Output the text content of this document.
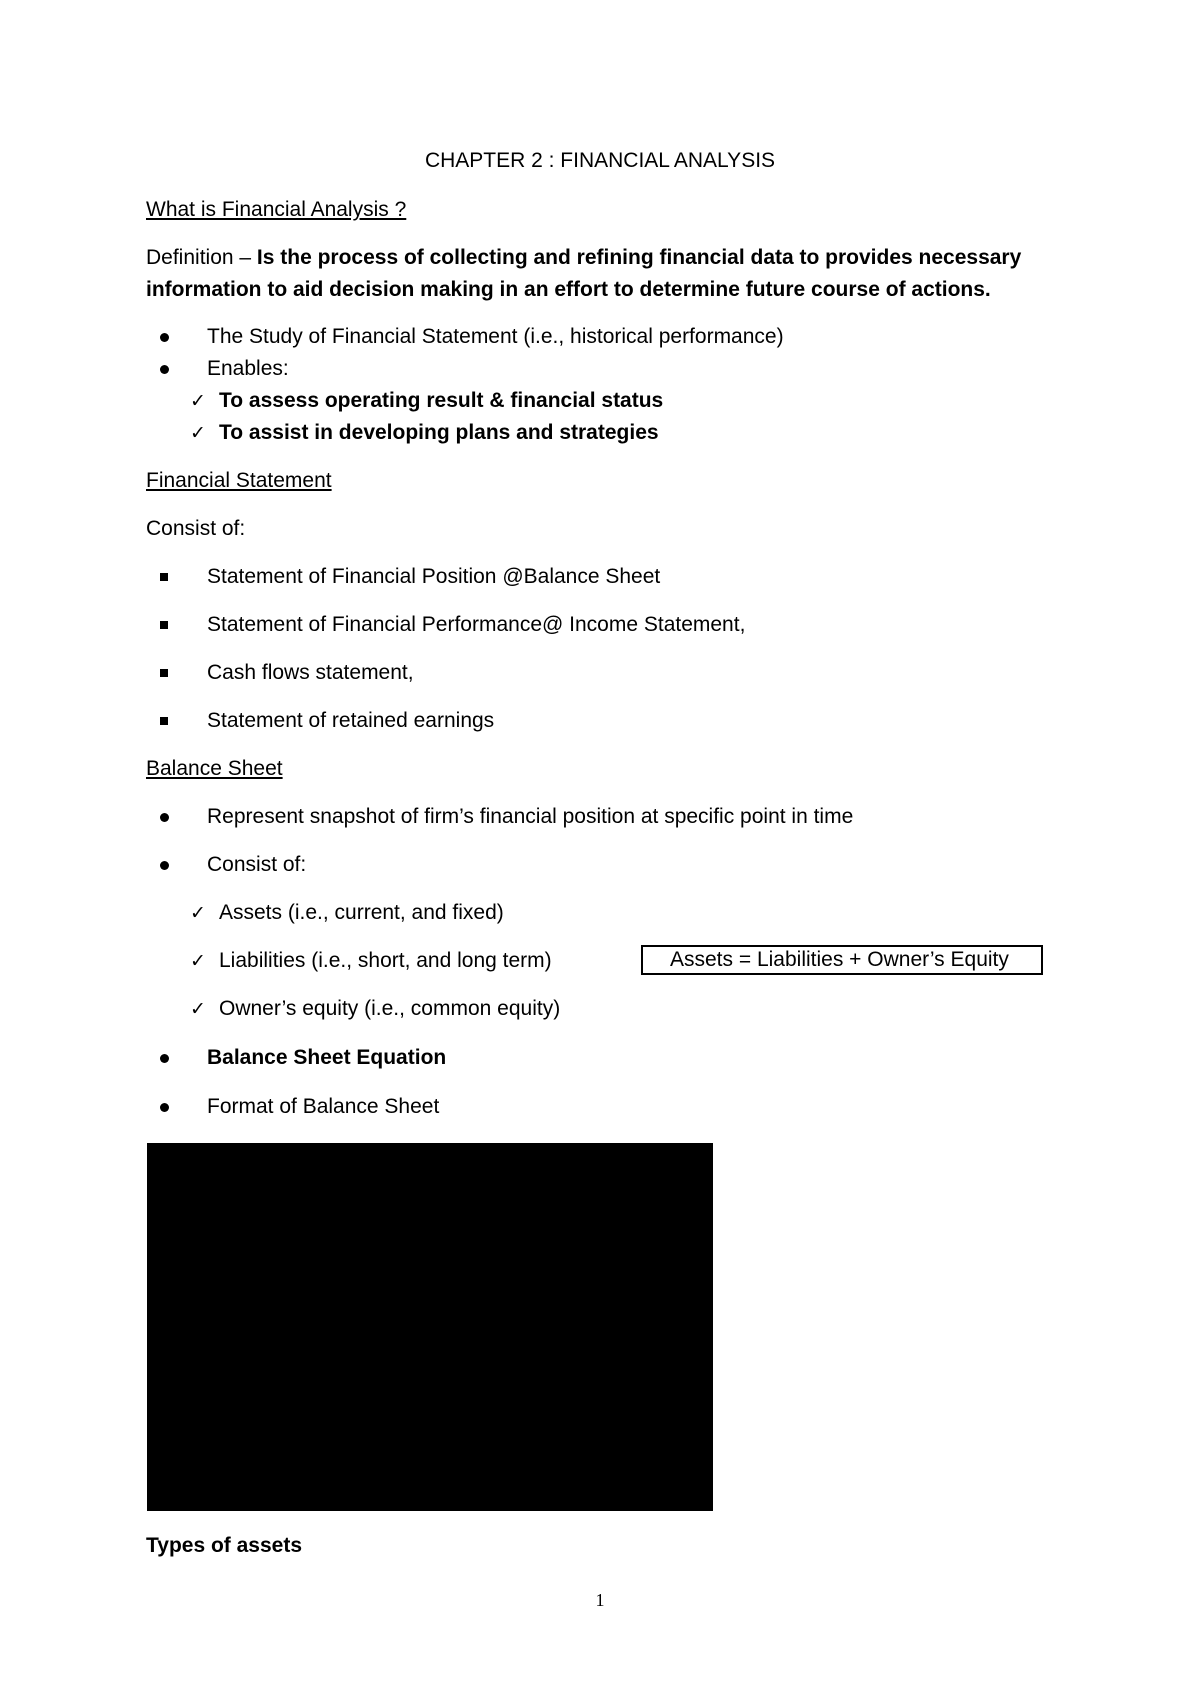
CHAPTER 2 : FINANCIAL ANALYSIS
What is Financial Analysis ?
Definition – Is the process of collecting and refining financial data to provides necessary
information to aid decision making in an effort to determine future course of actions.
The Study of Financial Statement (i.e., historical performance)
Enables:
✓ To assess operating result & financial status
✓ To assist in developing plans and strategies
Financial Statement
Consist of:
Statement of Financial Position @Balance Sheet
Statement of Financial Performance@ Income Statement,
Cash flows statement,
Statement of retained earnings
Balance Sheet
Represent snapshot of firm’s financial position at specific point in time
Consist of:
✓ Assets (i.e., current, and fixed)
✓ Liabilities (i.e., short, and long term)
✓ Owner’s equity (i.e., common equity)
Assets = Liabilities + Owner’s Equity
Balance Sheet Equation
Format of Balance Sheet
Types of assets
1
